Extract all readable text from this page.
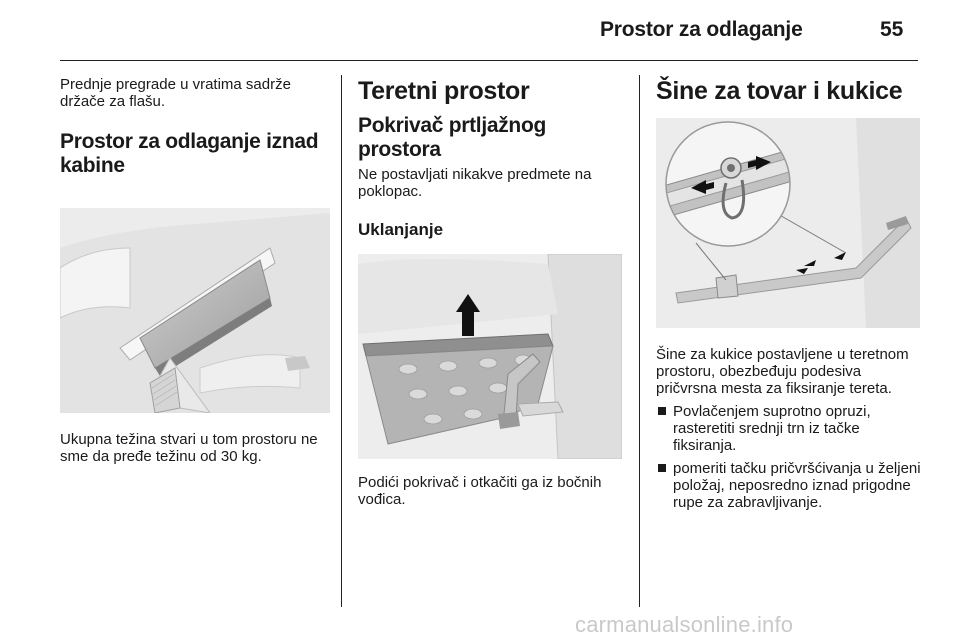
Prostor za odlaganje	55

Prednje pregrade u vratima sadrže držače za flašu.

Prostor za odlaganje iznad kabine

Ukupna težina stvari u tom prostoru ne sme da pređe težinu od 30 kg.

Teretni prostor
Pokrivač prtljažnog prostora

Ne postavljati nikakve predmete na poklopac.

Uklanjanje

Podići pokrivač i otkačiti ga iz bočnih vođica.

Šine za tovar i kukice

Šine za kukice postavljene u teretnom prostoru, obezbeđuju podesiva pričvrsna mesta za fiksiranje tereta.

Povlačenjem suprotno opruzi, rasteretiti srednji trn iz tačke fiksiranja.
pomeriti tačku pričvršćivanja u željeni položaj, neposredno iznad prigodne rupe za zabravljivanje.
carmanualsonline.info
